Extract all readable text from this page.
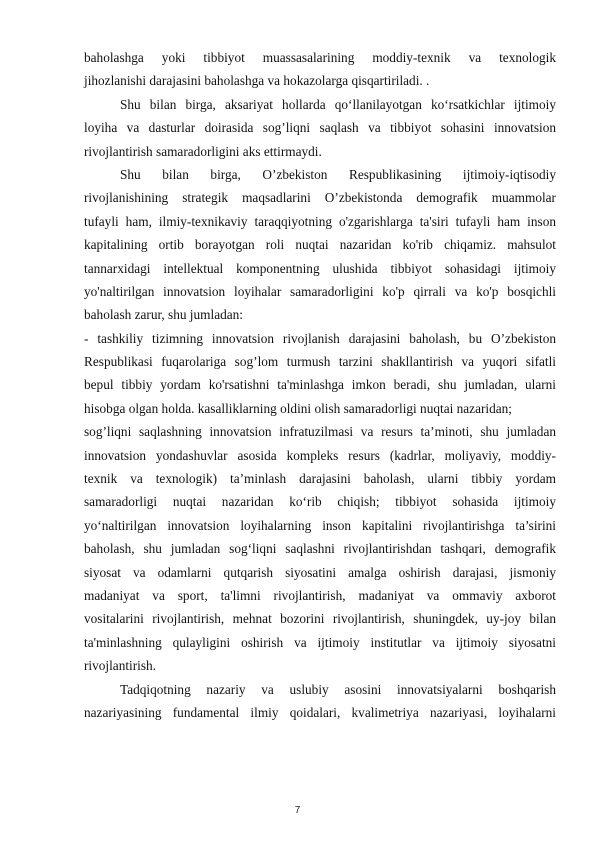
baholashga yoki tibbiyot muassasalarining moddiy-texnik va texnologik
jihozlanishi darajasini baholashga va hokazolarga qisqartiriladi. .
Shu bilan birga, aksariyat hollarda qo‘llanilayotgan ko‘rsatkichlar ijtimoiy
loyiha va dasturlar doirasida sog’liqni saqlash va tibbiyot sohasini innovatsion
rivojlantirish samaradorligini aks ettirmaydi.
Shu bilan birga, O’zbekiston Respublikasining ijtimoiy-iqtisodiy
rivojlanishining strategik maqsadlarini O’zbekistonda demografik muammolar
tufayli ham, ilmiy-texnikaviy taraqqiyotning o'zgarishlarga ta'siri tufayli ham inson
kapitalining ortib borayotgan roli nuqtai nazaridan ko'rib chiqamiz. mahsulot
tannarxidagi intellektual komponentning ulushida tibbiyot sohasidagi ijtimoiy
yo'naltirilgan innovatsion loyihalar samaradorligini ko'p qirrali va ko'p bosqichli
baholash zarur, shu jumladan:
- tashkiliy tizimning innovatsion rivojlanish darajasini baholash, bu O’zbekiston
Respublikasi fuqarolariga sog’lom turmush tarzini shakllantirish va yuqori sifatli
bepul tibbiy yordam ko'rsatishni ta'minlashga imkon beradi, shu jumladan, ularni
hisobga olgan holda. kasalliklarning oldini olish samaradorligi nuqtai nazaridan;
sog’liqni saqlashning innovatsion infratuzilmasi va resurs ta’minoti, shu jumladan
innovatsion yondashuvlar asosida kompleks resurs (kadrlar, moliyaviy, moddiy-
texnik va texnologik) ta’minlash darajasini baholash, ularni tibbiy yordam
samaradorligi nuqtai nazaridan ko‘rib chiqish; tibbiyot sohasida ijtimoiy
yo‘naltirilgan innovatsion loyihalarning inson kapitalini rivojlantirishga ta’sirini
baholash, shu jumladan sog‘liqni saqlashni rivojlantirishdan tashqari, demografik
siyosat va odamlarni qutqarish siyosatini amalga oshirish darajasi, jismoniy
madaniyat va sport, ta'limni rivojlantirish, madaniyat va ommaviy axborot
vositalarini rivojlantirish, mehnat bozorini rivojlantirish, shuningdek, uy-joy bilan
ta'minlashning qulayligini oshirish va ijtimoiy institutlar va ijtimoiy siyosatni
rivojlantirish.
Tadqiqotning nazariy va uslubiy asosini innovatsiyalarni boshqarish
nazariyasining fundamental ilmiy qoidalari, kvalimetriya nazariyasi, loyihalarni
7
